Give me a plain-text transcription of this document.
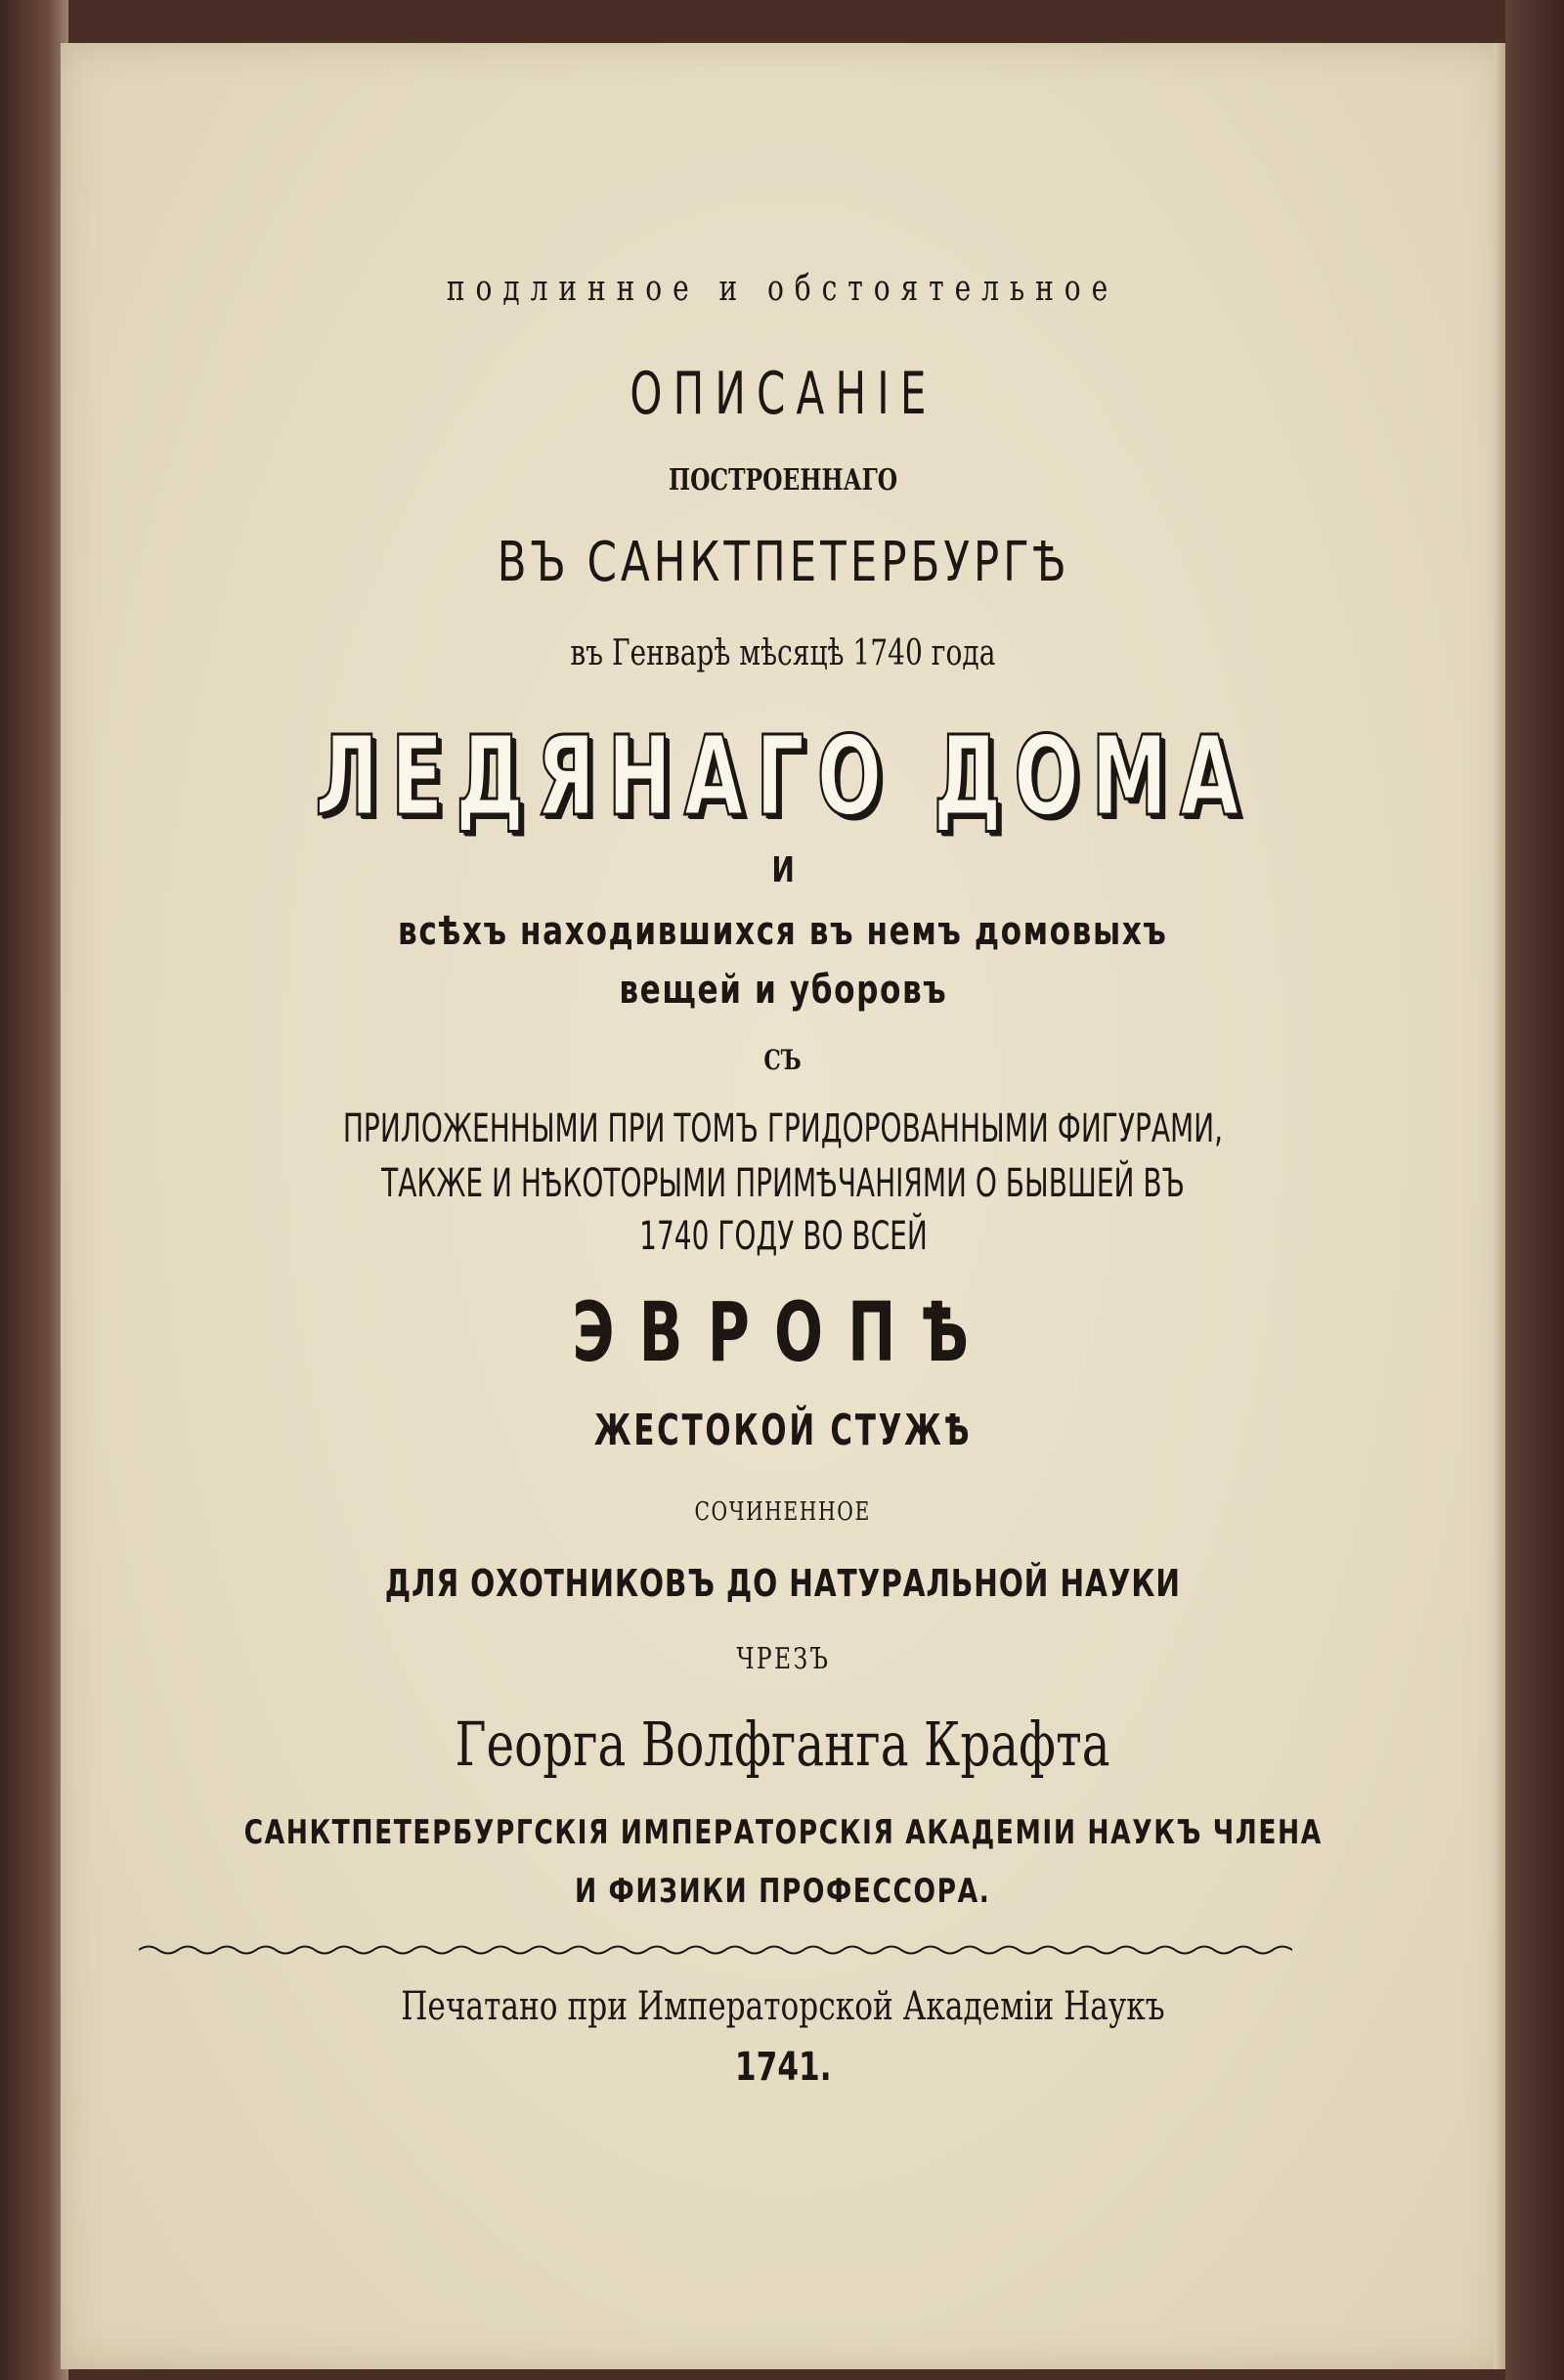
подлинное и обстоятельное
ОПИСАНІЕ
ПОСТРОЕННАГО
ВЪ САНКТПЕТЕРБУРГѢ
въ Генварѣ мѣсяцѣ 1740 года
ЛЕДЯНАГО ДОМА
И
всѣхъ находившихся въ немъ домовыхъ
вещей и уборовъ
СЪ
ПРИЛОЖЕННЫМИ ПРИ ТОМЪ ГРИДОРОВАННЫМИ ФИГУРАМИ,
ТАКЖЕ И НѢКОТОРЫМИ ПРИМѢЧАНІЯМИ О БЫВШЕЙ ВЪ
1740 ГОДУ ВО ВСЕЙ
ЭВРОПѢ
ЖЕСТОКОЙ СТУЖѢ
СОЧИНЕННОЕ
ДЛЯ ОХОТНИКОВЪ ДО НАТУРАЛЬНОЙ НАУКИ
ЧРЕЗЪ
Георга Волфганга Крафта
САНКТПЕТЕРБУРГСКІЯ ИМПЕРАТОРСКІЯ АКАДЕМІИ НАУКЪ ЧЛЕНА
И ФИЗИКИ ПРОФЕССОРА.
Печатано при Императорской Академіи Наукъ
1741.
